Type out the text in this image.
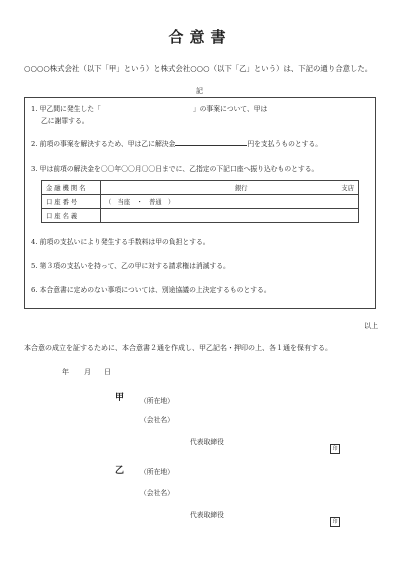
合意書
○○○○株式会社（以下「甲」という）と株式会社○○○（以下「乙」という）は、下記の通り合意した。
記
1. 甲乙間に発生した「	」の事案について、甲は
乙に謝罪する。
2. 前項の事案を解決するため、甲は乙に解決金	円を支払うものとする。
3. 甲は前項の解決金を〇〇年〇〇月〇〇日までに、乙指定の下記口座へ振り込むものとする。
金融機関名	銀行 支店

口座番号	（　当座　・　普通　）
口座名義	
4. 前項の支払いにより発生する手数料は甲の負担とする。
5. 第３項の支払いを持って、乙の甲に対する請求権は消滅する。
6. 本合意書に定めのない事項については、別途協議の上決定するものとする。
以上
本合意の成立を証するために、本合意書２通を作成し、甲乙記名・押印の上、各１通を保有する。
年 月 日
甲 （所在地）
（会社名）
代表取締役
印
乙 （所在地）
（会社名）
代表取締役
印
